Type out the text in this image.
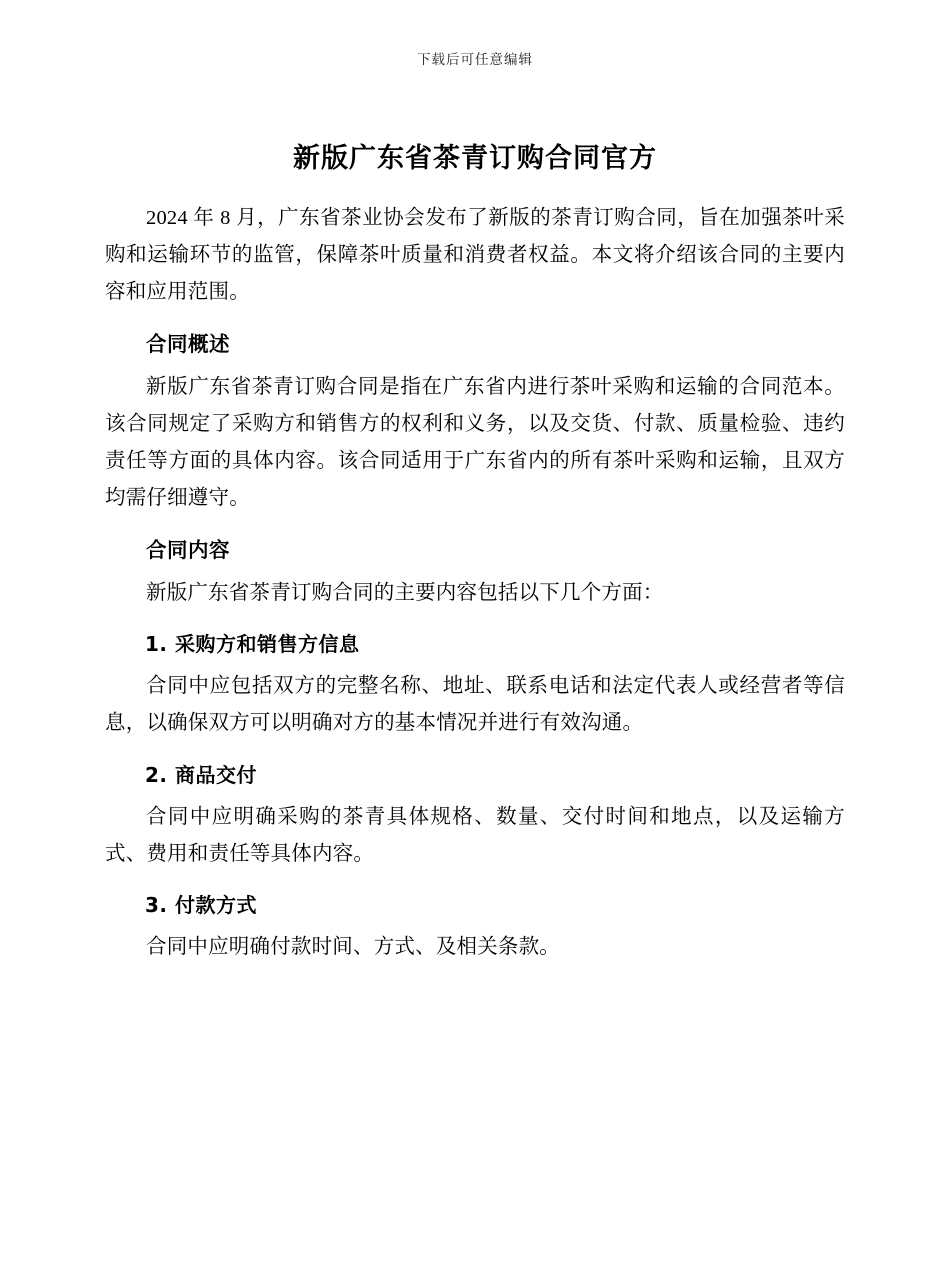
下载后可任意编辑
新版广东省茶青订购合同官方

2024 年 8 月，广东省茶业协会发布了新版的茶青订购合同，旨在加强茶叶采购和运输环节的监管，保障茶叶质量和消费者权益。本文将介绍该合同的主要内容和应用范围。

合同概述

新版广东省茶青订购合同是指在广东省内进行茶叶采购和运输的合同范本。该合同规定了采购方和销售方的权利和义务，以及交货、付款、质量检验、违约责任等方面的具体内容。该合同适用于广东省内的所有茶叶采购和运输，且双方均需仔细遵守。

合同内容

新版广东省茶青订购合同的主要内容包括以下几个方面：

1. 采购方和销售方信息

合同中应包括双方的完整名称、地址、联系电话和法定代表人或经营者等信息，以确保双方可以明确对方的基本情况并进行有效沟通。

2. 商品交付

合同中应明确采购的茶青具体规格、数量、交付时间和地点，以及运输方式、费用和责任等具体内容。

3. 付款方式

合同中应明确付款时间、方式、及相关条款。
